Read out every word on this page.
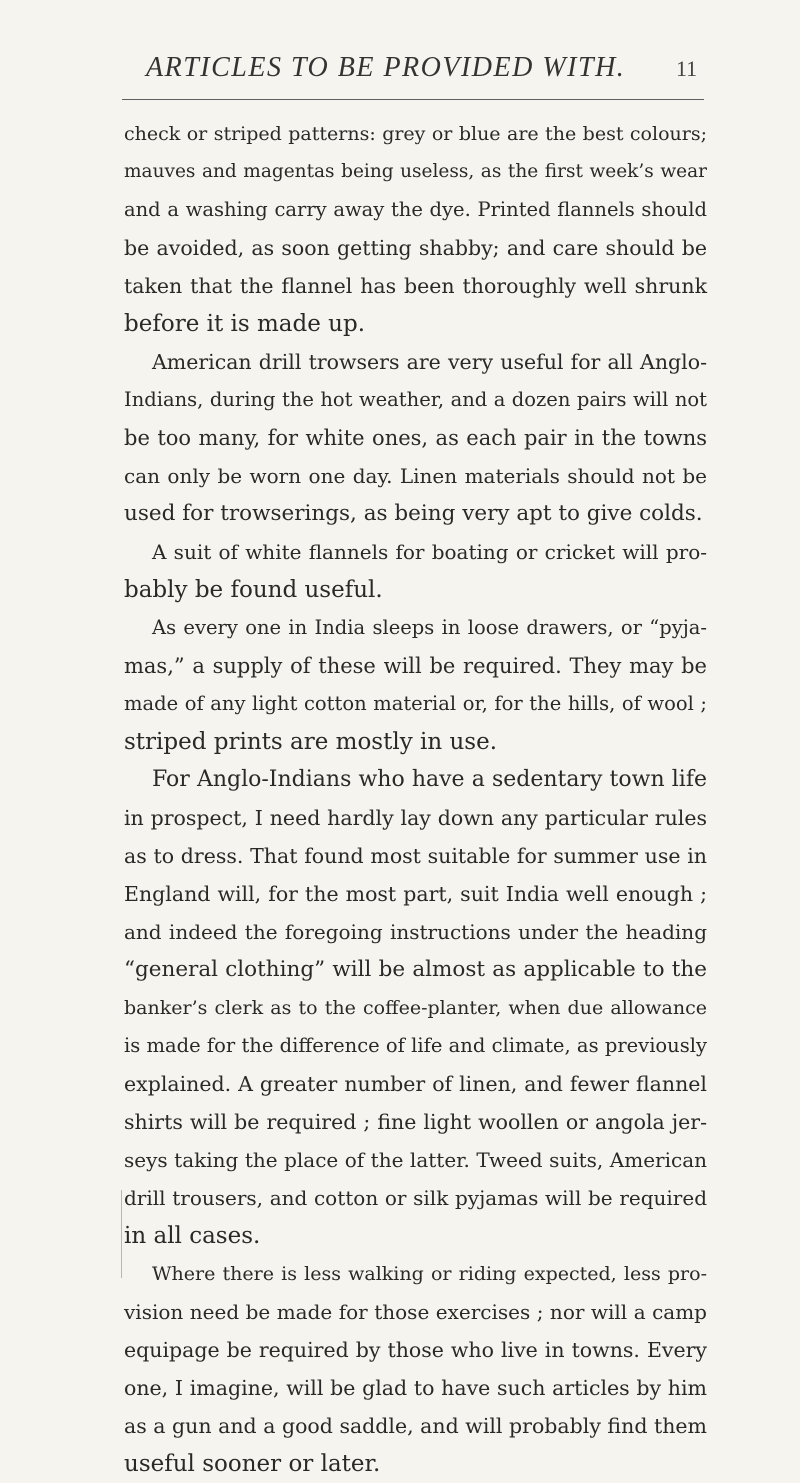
ARTICLES TO BE PROVIDED WITH. 11
check or striped patterns: grey or blue are the best colours;
mauves and magentas being useless, as the first week’s wear
and a washing carry away the dye. Printed flannels should
be avoided, as soon getting shabby; and care should be
taken that the flannel has been thoroughly well shrunk
before it is made up.
American drill trowsers are very useful for all Anglo-
Indians, during the hot weather, and a dozen pairs will not
be too many, for white ones, as each pair in the towns
can only be worn one day. Linen materials should not be
used for trowserings, as being very apt to give colds.
A suit of white flannels for boating or cricket will pro-
bably be found useful.
As every one in India sleeps in loose drawers, or “pyja-
mas,” a supply of these will be required. They may be
made of any light cotton material or, for the hills, of wool ;
striped prints are mostly in use.
For Anglo-Indians who have a sedentary town life
in prospect, I need hardly lay down any particular rules
as to dress. That found most suitable for summer use in
England will, for the most part, suit India well enough ;
and indeed the foregoing instructions under the heading
“general clothing” will be almost as applicable to the
banker’s clerk as to the coffee-planter, when due allowance
is made for the difference of life and climate, as previously
explained. A greater number of linen, and fewer flannel
shirts will be required ; fine light woollen or angola jer-
seys taking the place of the latter. Tweed suits, American
drill trousers, and cotton or silk pyjamas will be required
in all cases.
Where there is less walking or riding expected, less pro-
vision need be made for those exercises ; nor will a camp
equipage be required by those who live in towns. Every
one, I imagine, will be glad to have such articles by him
as a gun and a good saddle, and will probably find them
useful sooner or later.
